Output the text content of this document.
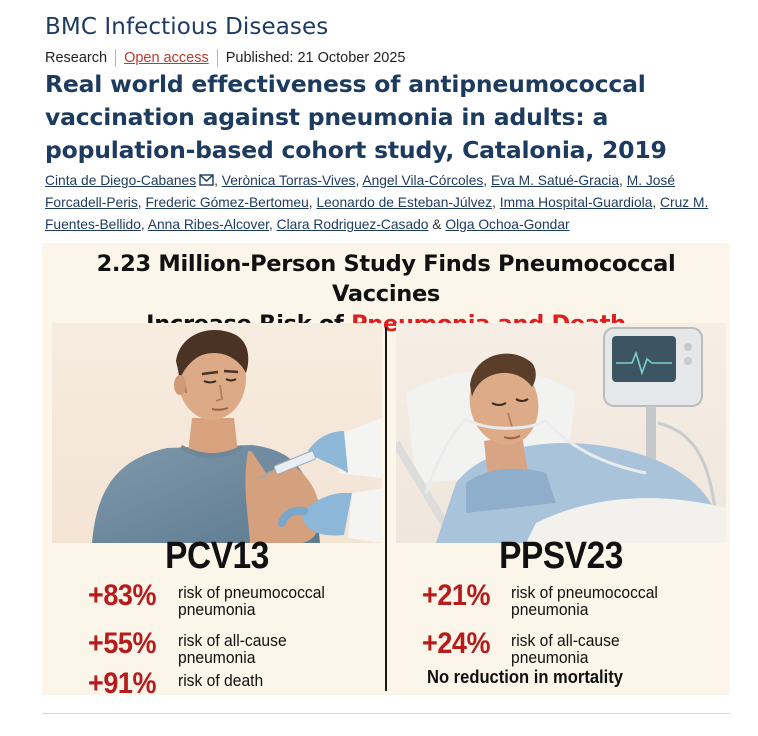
BMC Infectious Diseases
Research Open access Published: 21 October 2025
Real world effectiveness of antipneumococcal vaccination against pneumonia in adults: a population-based cohort study, Catalonia, 2019
Cinta de Diego-Cabanes , Verònica Torras-Vives, Angel Vila-Córcoles, Eva M. Satué-Gracia, M. José Forcadell-Peris, Frederic Gómez-Bertomeu, Leonardo de Esteban-Júlvez, Imma Hospital-Guardiola, Cruz M. Fuentes-Bellido, Anna Ribes-Alcover, Clara Rodriguez-Casado & Olga Ochoa-Gondar
2.23 Million-Person Study Finds Pneumococcal Vaccines
PCV13
+83% risk of pneumococcal
pneumonia
+55% risk of all-cause
pneumonia
+91% risk of death
PPSV23
+21% risk of pneumococcal
pneumonia
+24% risk of all-cause
pneumonia
No reduction in mortality
